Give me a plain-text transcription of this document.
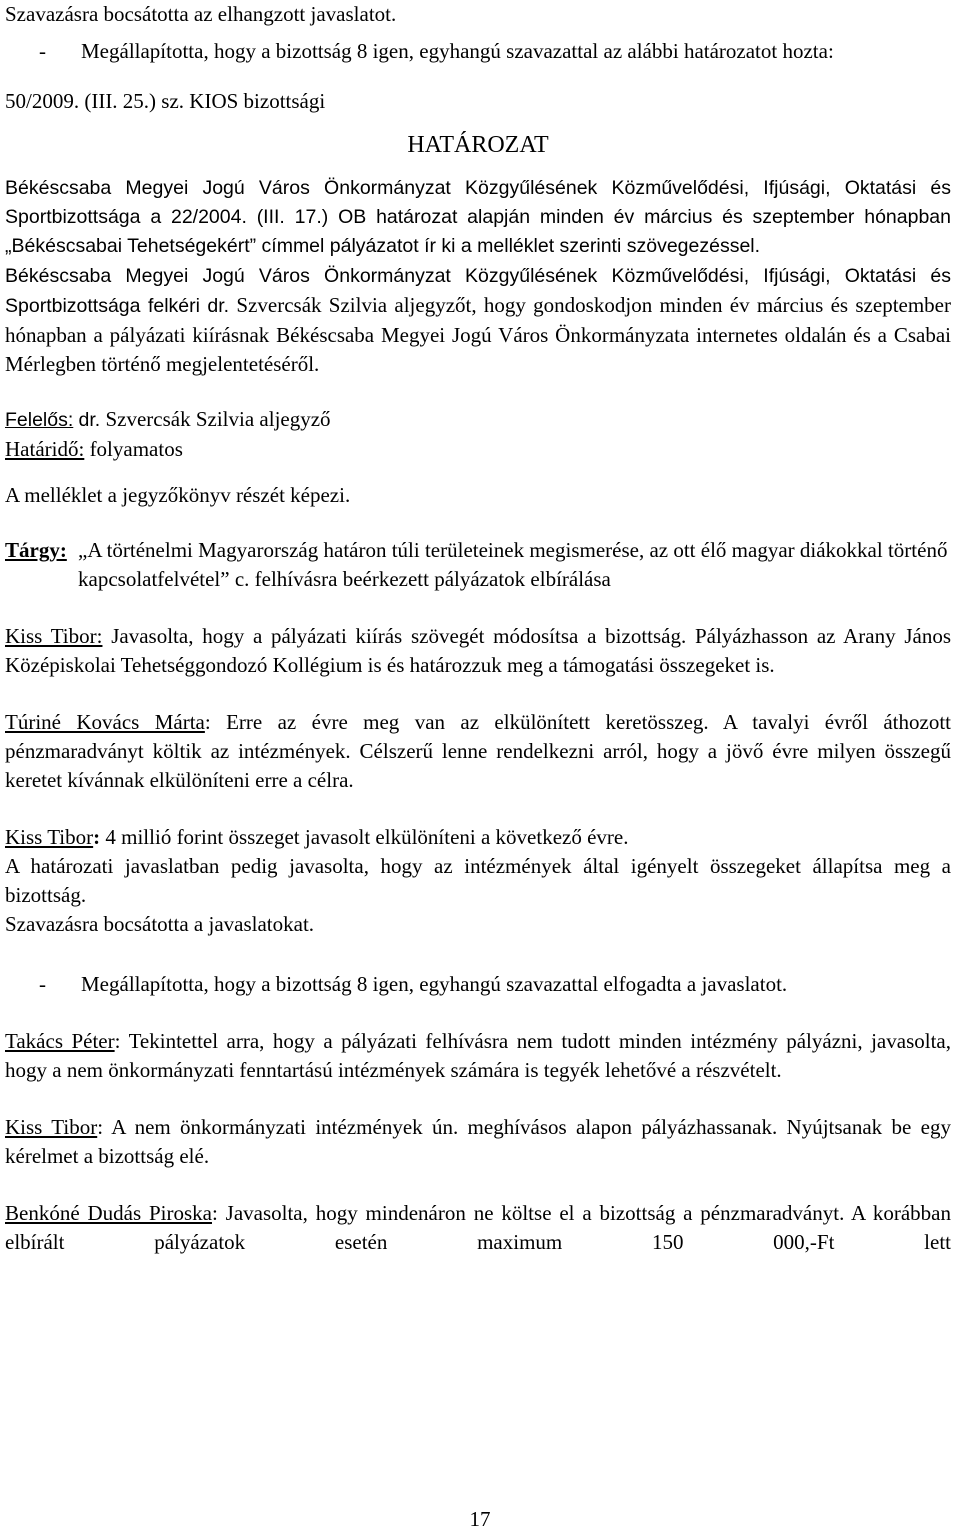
Szavazásra bocsátotta az elhangzott javaslatot.

-	Megállapította, hogy a bizottság 8 igen, egyhangú szavazattal az alábbi határozatot hozta:

50/2009. (III. 25.) sz. KIOS bizottsági

HATÁROZAT

Békéscsaba Megyei Jogú Város Önkormányzat Közgyűlésének Közművelődési, Ifjúsági, Oktatási és Sportbizottsága a 22/2004. (III. 17.) OB határozat alapján minden év március és szeptember hónapban „Békéscsabai Tehetségekért” címmel pályázatot ír ki a melléklet szerinti szövegezéssel.

Békéscsaba Megyei Jogú Város Önkormányzat Közgyűlésének Közművelődési, Ifjúsági, Oktatási és Sportbizottsága felkéri dr. Szvercsák Szilvia aljegyzőt, hogy gondoskodjon minden év március és szeptember hónapban a pályázati kiírásnak Békéscsaba Megyei Jogú Város Önkormányzata internetes oldalán és a Csabai Mérlegben történő megjelentetéséről.

Felelős: dr. Szvercsák Szilvia aljegyző

Határidő: folyamatos

A melléklet a jegyzőkönyv részét képezi.

Tárgy: „A történelmi Magyarország határon túli területeinek megismerése, az ott élő magyar diákokkal történő kapcsolatfelvétel” c. felhívásra beérkezett pályázatok elbírálása

Kiss Tibor: Javasolta, hogy a pályázati kiírás szövegét módosítsa a bizottság. Pályázhasson az Arany János Középiskolai Tehetséggondozó Kollégium is és határozzuk meg a támogatási összegeket is.

Túriné Kovács Márta: Erre az évre meg van az elkülönített keretösszeg. A tavalyi évről áthozott pénzmaradványt költik az intézmények. Célszerű lenne rendelkezni arról, hogy a jövő évre milyen összegű keretet kívánnak elkülöníteni erre a célra.

Kiss Tibor: 4 millió forint összeget javasolt elkülöníteni a következő évre.

A határozati javaslatban pedig javasolta, hogy az intézmények által igényelt összegeket állapítsa meg a bizottság.

Szavazásra bocsátotta a javaslatokat.

-	Megállapította, hogy a bizottság 8 igen, egyhangú szavazattal elfogadta a javaslatot.

Takács Péter: Tekintettel arra, hogy a pályázati felhívásra nem tudott minden intézmény pályázni, javasolta, hogy a nem önkormányzati fenntartású intézmények számára is tegyék lehetővé a részvételt.

Kiss Tibor: A nem önkormányzati intézmények ún. meghívásos alapon pályázhassanak. Nyújtsanak be egy kérelmet a bizottság elé.

Benkóné Dudás Piroska: Javasolta, hogy mindenáron ne költse el a bizottság a pénzmaradványt. A korábban elbírált pályázatok esetén maximum 150 000,-Ft lett

17
